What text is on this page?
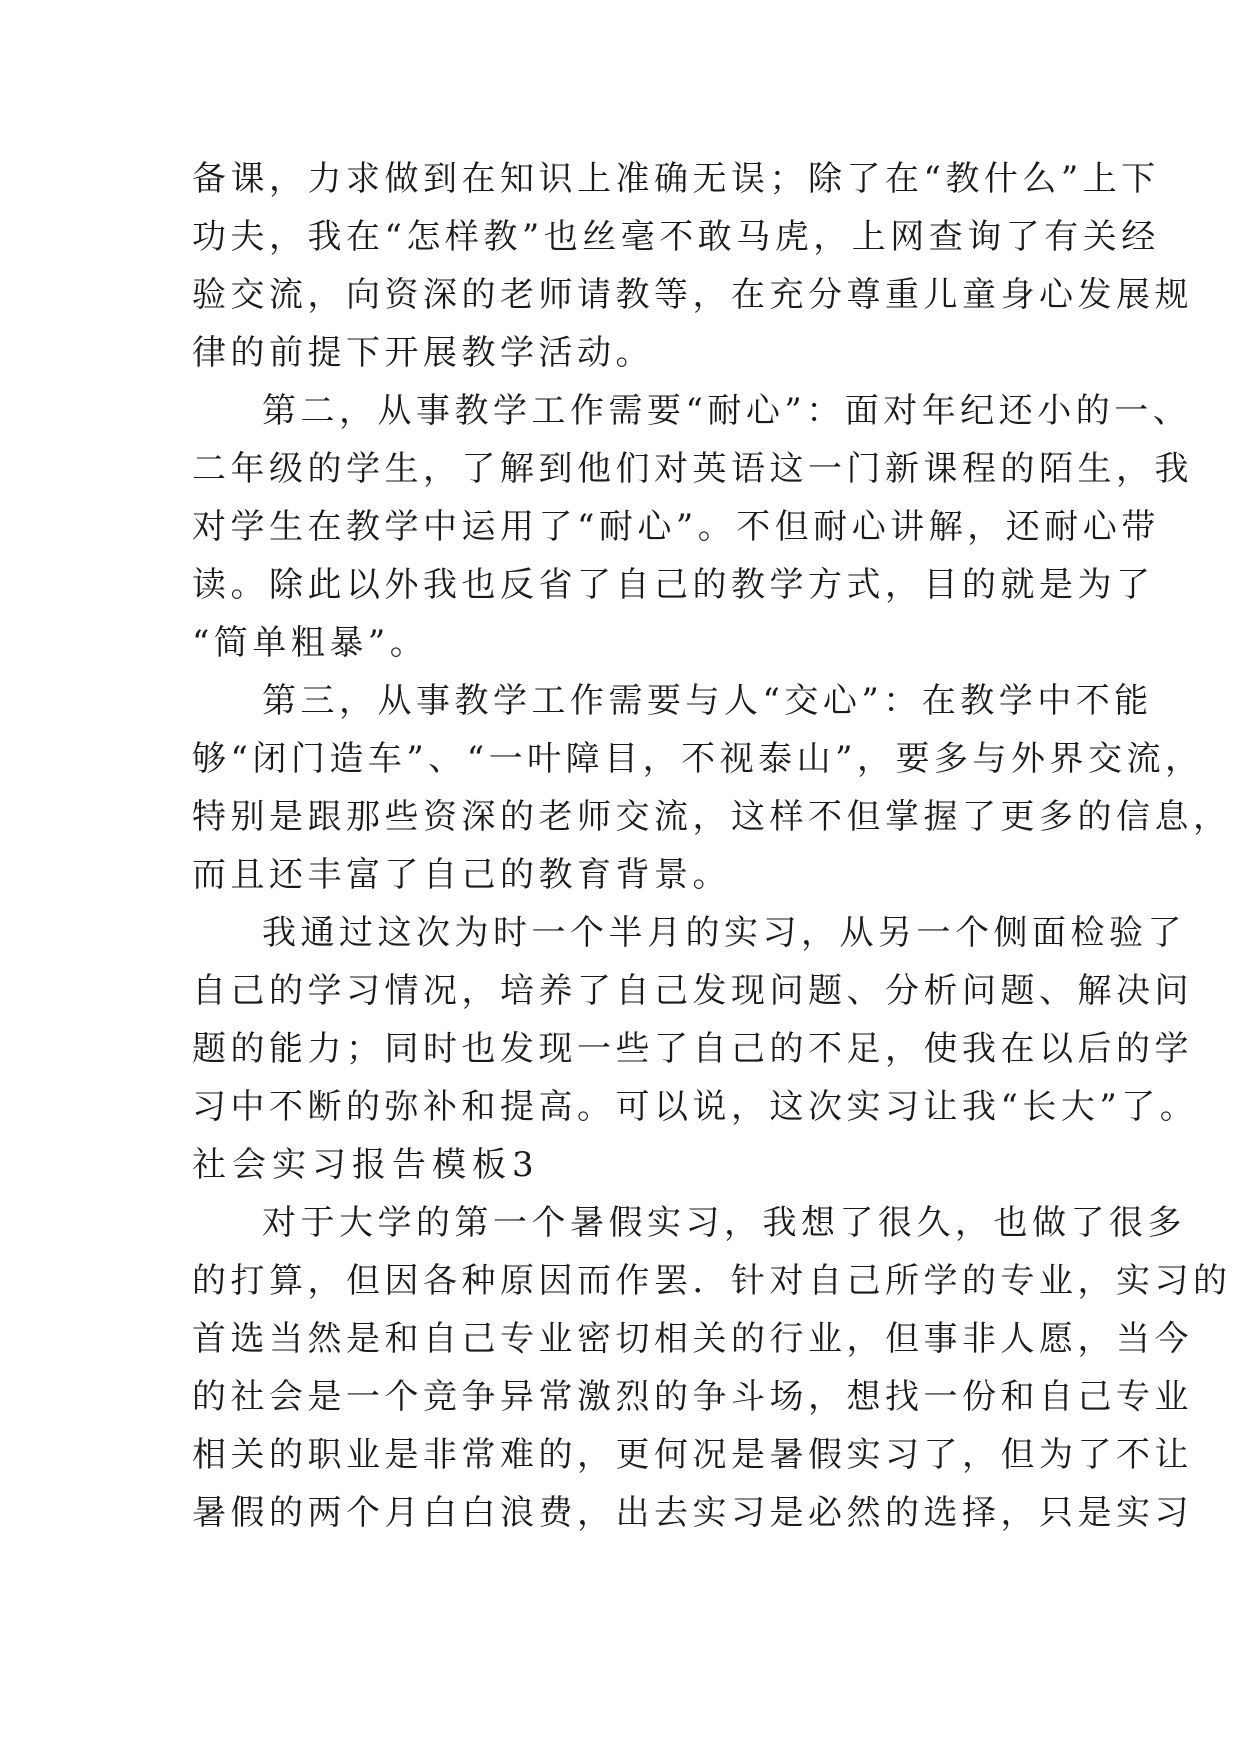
备课，力求做到在知识上准确无误；除了在“教什么”上下
功夫，我在“怎样教”也丝毫不敢马虎，上网查询了有关经
验交流，向资深的老师请教等，在充分尊重儿童身心发展规
律的前提下开展教学活动。
第二，从事教学工作需要“耐心”：面对年纪还小的一、
二年级的学生，了解到他们对英语这一门新课程的陌生，我
对学生在教学中运用了“耐心”。不但耐心讲解，还耐心带
读。除此以外我也反省了自己的教学方式，目的就是为了
“简单粗暴”。
第三，从事教学工作需要与人“交心”：在教学中不能
够“闭门造车”、“一叶障目，不视泰山”，要多与外界交流，
特别是跟那些资深的老师交流，这样不但掌握了更多的信息，
而且还丰富了自己的教育背景。
我通过这次为时一个半月的实习，从另一个侧面检验了
自己的学习情况，培养了自己发现问题、分析问题、解决问
题的能力；同时也发现一些了自己的不足，使我在以后的学
习中不断的弥补和提高。可以说，这次实习让我“长大”了。
社会实习报告模板3
对于大学的第一个暑假实习，我想了很久，也做了很多
的打算，但因各种原因而作罢．针对自己所学的专业，实习的
首选当然是和自己专业密切相关的行业，但事非人愿，当今
的社会是一个竞争异常激烈的争斗场，想找一份和自己专业
相关的职业是非常难的，更何况是暑假实习了，但为了不让
暑假的两个月白白浪费，出去实习是必然的选择，只是实习
